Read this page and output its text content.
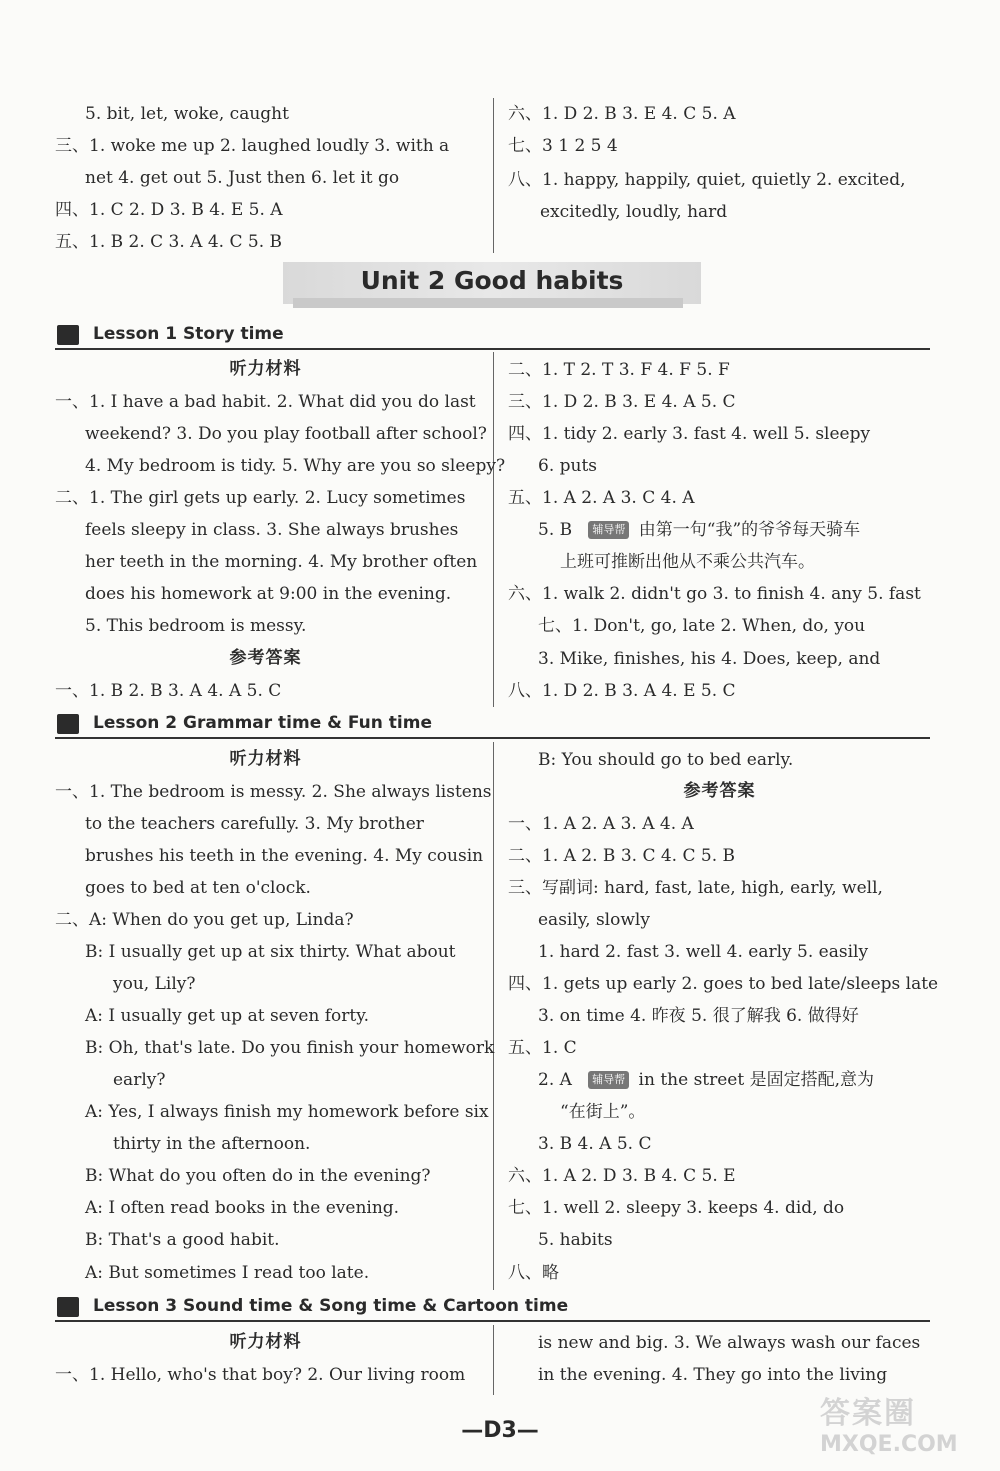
5. bit, let, woke, caught
三、1. woke me up 2. laughed loudly 3. with a
net 4. get out 5. Just then 6. let it go
四、1. C 2. D 3. B 4. E 5. A
五、1. B 2. C 3. A 4. C 5. B
六、1. D 2. B 3. E 4. C 5. A
七、3 1 2 5 4
八、1. happy, happily, quiet, quietly 2. excited,
excitedly, loudly, hard
Unit 2 Good habits
Lesson 1 Story time
听力材料
一、1. I have a bad habit. 2. What did you do last
weekend? 3. Do you play football after school?
4. My bedroom is tidy. 5. Why are you so sleepy?
二、1. The girl gets up early. 2. Lucy sometimes
feels sleepy in class. 3. She always brushes
her teeth in the morning. 4. My brother often
does his homework at 9:00 in the evening.
5. This bedroom is messy.
参考答案
一、1. B 2. B 3. A 4. A 5. C
二、1. T 2. T 3. F 4. F 5. F
三、1. D 2. B 3. E 4. A 5. C
四、1. tidy 2. early 3. fast 4. well 5. sleepy
6. puts
五、1. A 2. A 3. C 4. A
5. B 辅导帮 由第一句“我”的爷爷每天骑车
上班可推断出他从不乘公共汽车。
六、1. walk 2. didn't go 3. to finish 4. any 5. fast
七、1. Don't, go, late 2. When, do, you
3. Mike, finishes, his 4. Does, keep, and
八、1. D 2. B 3. A 4. E 5. C
Lesson 2 Grammar time & Fun time
听力材料
一、1. The bedroom is messy. 2. She always listens
to the teachers carefully. 3. My brother
brushes his teeth in the evening. 4. My cousin
goes to bed at ten o'clock.
二、A: When do you get up, Linda?
B: I usually get up at six thirty. What about
you, Lily?
A: I usually get up at seven forty.
B: Oh, that's late. Do you finish your homework
early?
A: Yes, I always finish my homework before six
thirty in the afternoon.
B: What do you often do in the evening?
A: I often read books in the evening.
B: That's a good habit.
A: But sometimes I read too late.
B: You should go to bed early.
参考答案
一、1. A 2. A 3. A 4. A
二、1. A 2. B 3. C 4. C 5. B
三、写副词: hard, fast, late, high, early, well,
easily, slowly
1. hard 2. fast 3. well 4. early 5. easily
四、1. gets up early 2. goes to bed late/sleeps late
3. on time 4. 昨夜 5. 很了解我 6. 做得好
五、1. C
2. A 辅导帮 in the street 是固定搭配,意为
“在街上”。
3. B 4. A 5. C
六、1. A 2. D 3. B 4. C 5. E
七、1. well 2. sleepy 3. keeps 4. did, do
5. habits
八、略
Lesson 3 Sound time & Song time & Cartoon time
听力材料
一、1. Hello, who's that boy? 2. Our living room
is new and big. 3. We always wash our faces
in the evening. 4. They go into the living
—D3—	答案圈
MXQE.COM
